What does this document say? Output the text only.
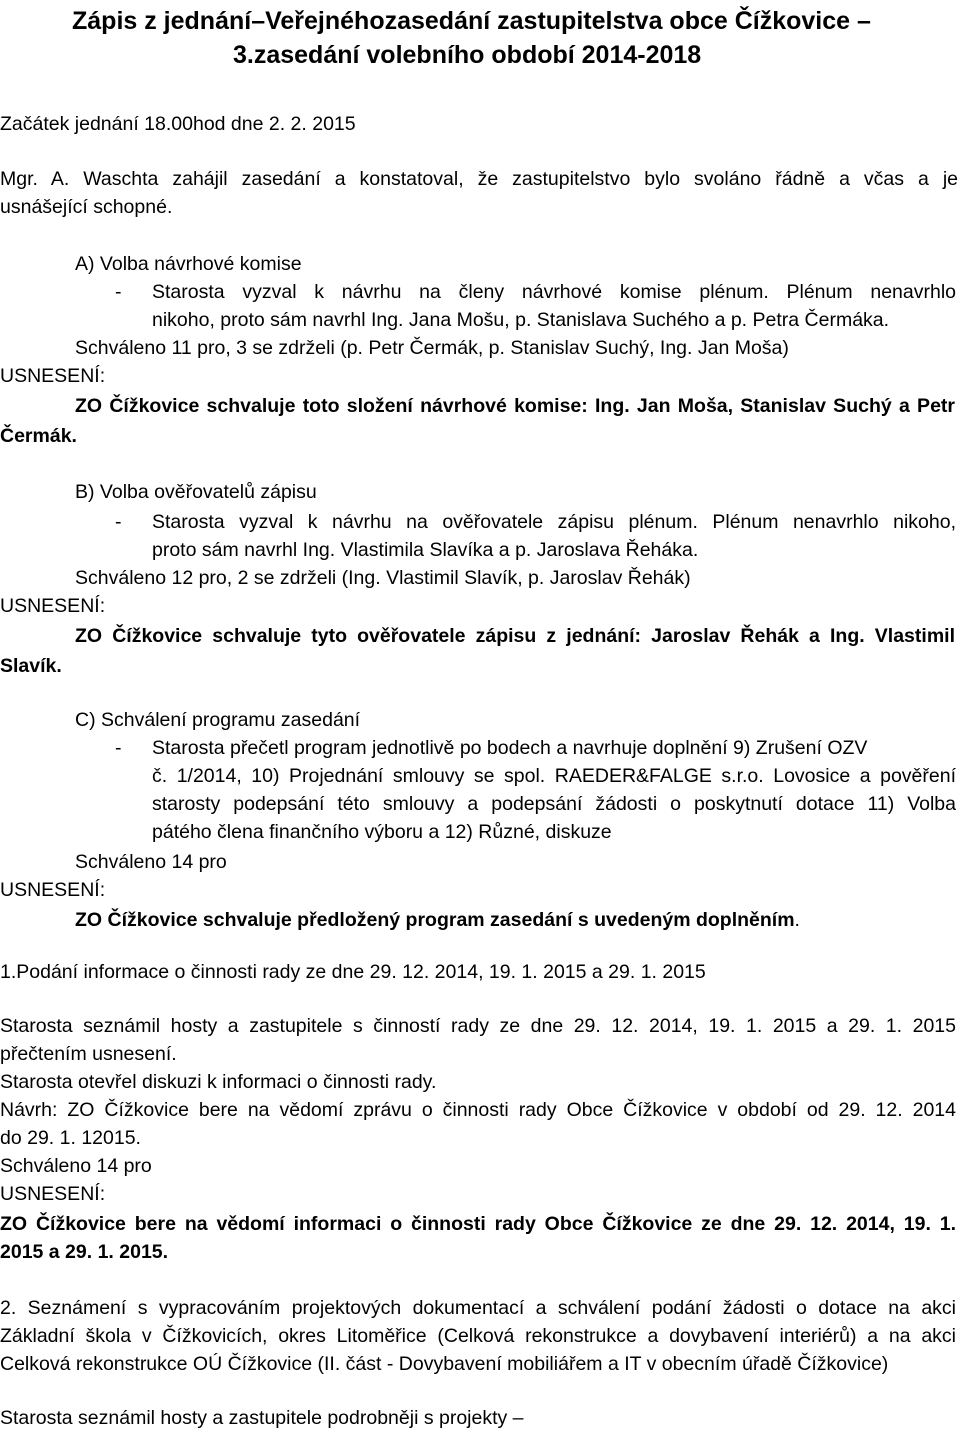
Zápis z jednání–Veřejnéhozasedání zastupitelstva obce Čížkovice –
3.zasedání volebního období 2014-2018
Začátek jednání 18.00hod dne 2. 2. 2015
Mgr. A. Waschta zahájil zasedání a konstatoval, že zastupitelstvo bylo svoláno řádně a včas a je
usnášející schopné.
A) Volba návrhové komise
- Starosta vyzval k návrhu na členy návrhové komise plénum. Plénum nenavrhlo
nikoho, proto sám navrhl Ing. Jana Mošu, p. Stanislava Suchého a p. Petra Čermáka.
Schváleno 11 pro, 3 se zdrželi (p. Petr Čermák, p. Stanislav Suchý, Ing. Jan Moša)
USNESENÍ:
ZO Čížkovice schvaluje toto složení návrhové komise: Ing. Jan Moša, Stanislav Suchý a Petr
Čermák.
B) Volba ověřovatelů zápisu
- Starosta vyzval k návrhu na ověřovatele zápisu plénum. Plénum nenavrhlo nikoho,
proto sám navrhl Ing. Vlastimila Slavíka a p. Jaroslava Řeháka.
Schváleno 12 pro, 2 se zdrželi (Ing. Vlastimil Slavík, p. Jaroslav Řehák)
USNESENÍ:
ZO Čížkovice schvaluje tyto ověřovatele zápisu z jednání: Jaroslav Řehák a Ing. Vlastimil
Slavík.
C) Schválení programu zasedání
- Starosta přečetl program jednotlivě po bodech a navrhuje doplnění 9) Zrušení OZV
č. 1/2014, 10) Projednání smlouvy se spol. RAEDER&FALGE s.r.o. Lovosice a pověření
starosty podepsání této smlouvy a podepsání žádosti o poskytnutí dotace 11) Volba
pátého člena finančního výboru a 12) Různé, diskuze
Schváleno 14 pro
USNESENÍ:
ZO Čížkovice schvaluje předložený program zasedání s uvedeným doplněním.
1.Podání informace o činnosti rady ze dne 29. 12. 2014, 19. 1. 2015 a 29. 1. 2015
Starosta seznámil hosty a zastupitele s činností rady ze dne 29. 12. 2014, 19. 1. 2015 a 29. 1. 2015
přečtením usnesení.
Starosta otevřel diskuzi k informaci o činnosti rady.
Návrh: ZO Čížkovice bere na vědomí zprávu o činnosti rady Obce Čížkovice v období od 29. 12. 2014
do 29. 1. 12015.
Schváleno 14 pro
USNESENÍ:
ZO Čížkovice bere na vědomí informaci o činnosti rady Obce Čížkovice ze dne 29. 12. 2014, 19. 1.
2015 a 29. 1. 2015.
2. Seznámení s vypracováním projektových dokumentací a schválení podání žádosti o dotace na akci
Základní škola v Čížkovicích, okres Litoměřice (Celková rekonstrukce a dovybavení interiérů) a na akci
Celková rekonstrukce OÚ Čížkovice (II. část - Dovybavení mobiliářem a IT v obecním úřadě Čížkovice)
Starosta seznámil hosty a zastupitele podrobněji s projekty –
